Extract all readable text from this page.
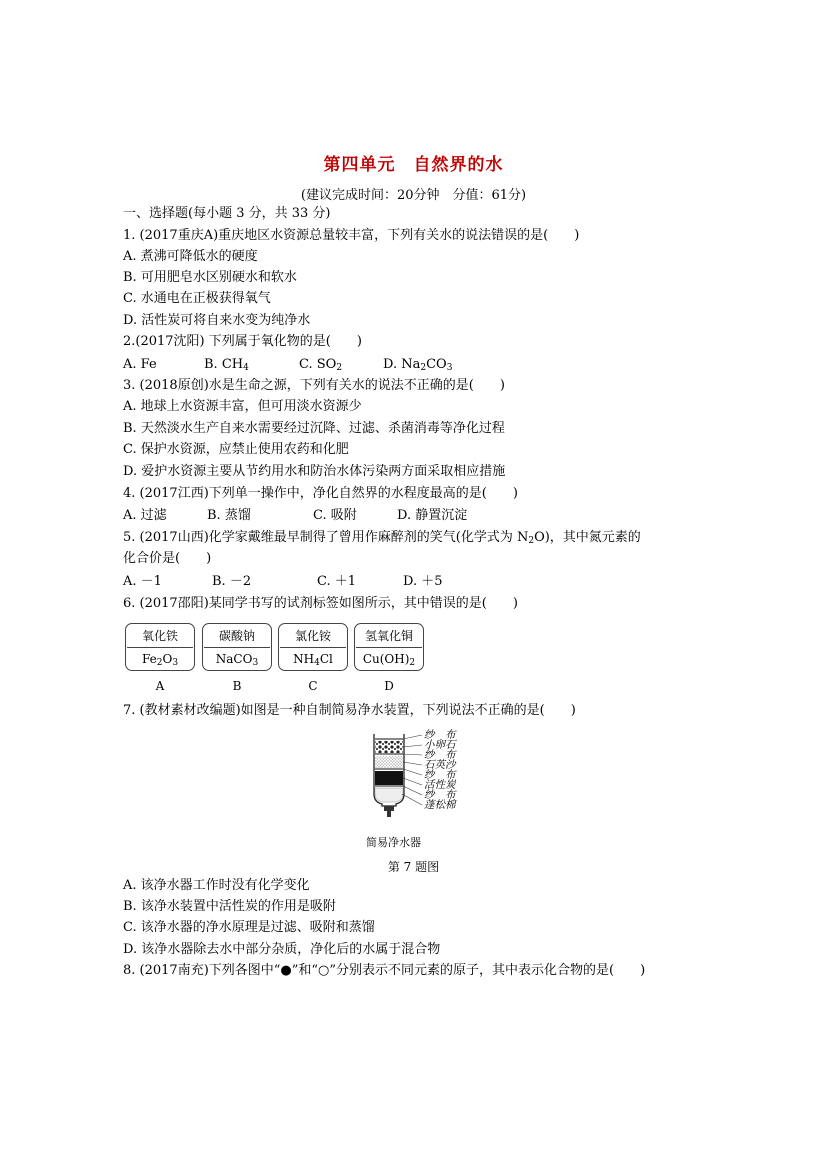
第四单元　自然界的水
(建议完成时间：20分钟　分值：61分)
一、选择题(每小题 3 分，共 33 分)
1. (2017重庆A)重庆地区水资源总量较丰富，下列有关水的说法错误的是(　　)
A. 煮沸可降低水的硬度
B. 可用肥皂水区别硬水和软水
C. 水通电在正极获得氧气
D. 活性炭可将自来水变为纯净水
2.(2017沈阳) 下列属于氧化物的是(　　)
A. Fe	B. $CH_4$	C. $SO_2$	D. $Na_2CO_3$
3. (2018原创)水是生命之源，下列有关水的说法不正确的是(　　)
A. 地球上水资源丰富，但可用淡水资源少
B. 天然淡水生产自来水需要经过沉降、过滤、杀菌消毒等净化过程
C. 保护水资源，应禁止使用农药和化肥
D. 爱护水资源主要从节约用水和防治水体污染两方面采取相应措施
4. (2017江西)下列单一操作中，净化自然界的水程度最高的是(　　)
A. 过滤	B. 蒸馏	C. 吸附	D. 静置沉淀
5. (2017山西)化学家戴维最早制得了曾用作麻醉剂的笑气(化学式为 $N_2O$)，其中氮元素的
化合价是(　　)
A. －1	B. －2	C. ＋1	D. ＋5
6. (2017邵阳)某同学书写的试剂标签如图所示，其中错误的是(　　)
氧化铁
$Fe_2O_3$
A
碳酸钠
NaCO$_3$
B
氯化铵
$NH_4Cl$
C
氢氧化铜
$Cu(OH)_2$
D
7. (教材素材改编题)如图是一种自制简易净水装置，下列说法不正确的是(　　)
纱　布
小卵石
纱　布
石英沙
纱　布
活性炭
纱　布
蓬松棉
简易净水器
第 7 题图
A. 该净水器工作时没有化学变化
B. 该净水装置中活性炭的作用是吸附
C. 该净水器的净水原理是过滤、吸附和蒸馏
D. 该净水器除去水中部分杂质，净化后的水属于混合物
8. (2017南充)下列各图中“●”和“○”分别表示不同元素的原子，其中表示化合物的是(　　)
